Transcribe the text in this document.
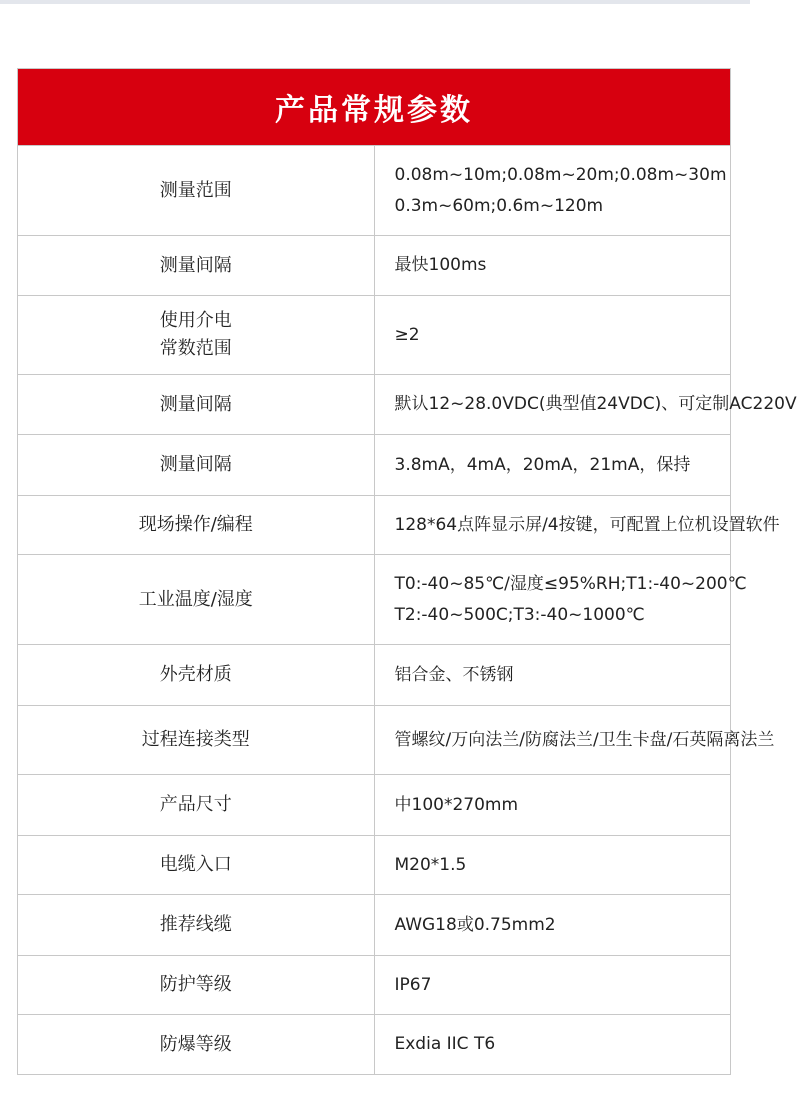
产品常规参数	

测量范围	0.08m~10m;0.08m~20m;0.08m~30m
0.3m~60m;0.6m~120m

测量间隔	最快100ms

使用介电
常数范围	≥2

测量间隔	默认12~28.0VDC(典型值24VDC)、可定制AC220V

测量间隔	3.8mA，4mA，20mA，21mA，保持

现场操作/编程	128*64点阵显示屏/4按键，可配置上位机设置软件

工业温度/湿度	T0:-40~85℃/湿度≤95%RH;T1:-40~200℃
T2:-40~500C;T3:-40~1000℃

外壳材质	铝合金、不锈钢

过程连接类型	管螺纹/万向法兰/防腐法兰/卫生卡盘/石英隔离法兰

产品尺寸	中100*270mm

电缆入口	M20*1.5

推荐线缆	AWG18或0.75mm2

防护等级	IP67

防爆等级	Exdia IIC T6
